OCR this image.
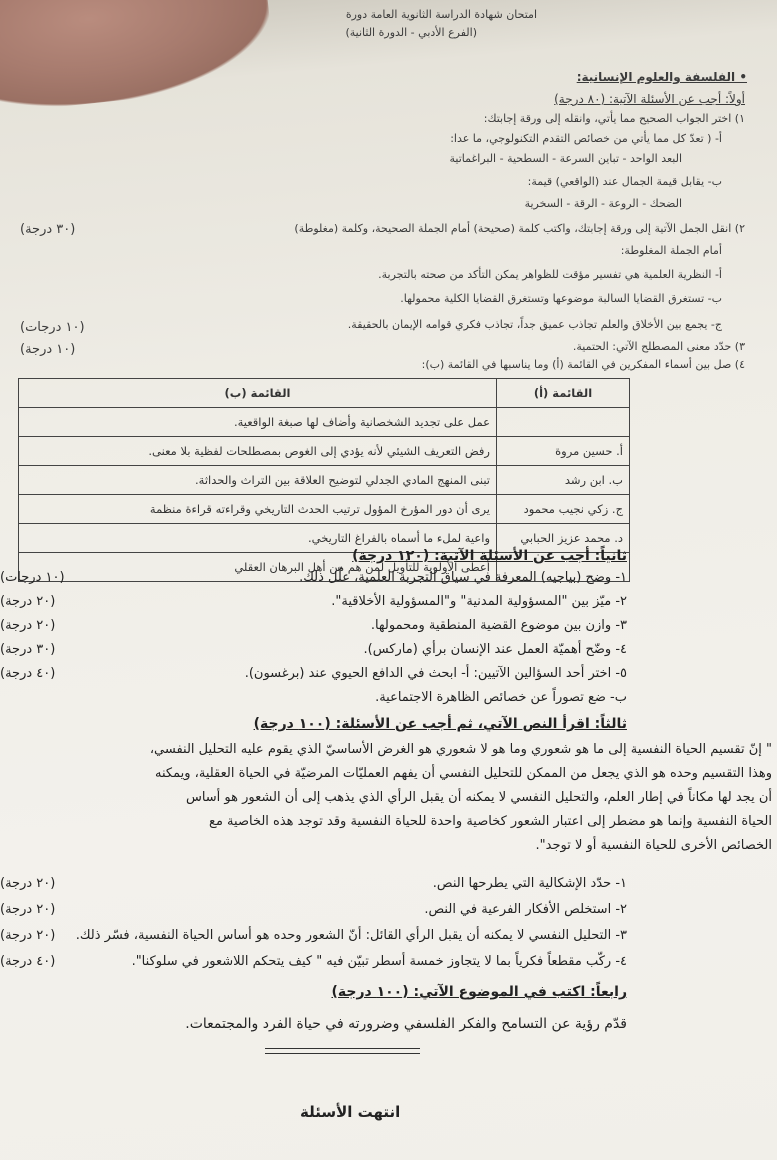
امتحان شهادة الدراسة الثانوية العامة دورة
(الفرع الأدبي - الدورة الثانية)
• الفلسفة والعلوم الإنسانية:
أولاً: أجب عن الأسئلة الآتية: (٨٠ درجة)
١) اختر الجواب الصحيح مما يأتي، وانقله إلى ورقة إجابتك:
أ- ( تعدّ كل مما يأتي من خصائص التقدم التكنولوجي، ما عدا:
البعد الواحد - تباين السرعة - السطحية - البراغماتية
ب- يقابل قيمة الجمال عند (الواقعي) قيمة:
الضحك - الروعة - الرقة - السخرية
٢) انقل الجمل الآتية إلى ورقة إجابتك، واكتب كلمة (صحيحة) أمام الجملة الصحيحة، وكلمة (مغلوطة)
(٣٠ درجة)
أمام الجملة المغلوطة:
أ- النظرية العلمية هي تفسير مؤقت للظواهر يمكن التأكد من صحته بالتجربة.
ب- تستغرق القضايا السالبة موضوعها وتستغرق القضايا الكلية محمولها.
ج- يجمع بين الأخلاق والعلم تجاذب عميق جداً، تجاذب فكري قوامه الإيمان بالحقيقة.
(١٠ درجات)
٣) حدّد معنى المصطلح الآتي: الحتمية.
(١٠ درجة)
٤) صل بين أسماء المفكرين في القائمة (أ) وما يناسبها في القائمة (ب):
القائمة (أ)	القائمة (ب)
	عمل على تجديد الشخصانية وأضاف لها صبغة الواقعية.
أ. حسين مروة	رفض التعريف الشيئي لأنه يؤدي إلى الغوص بمصطلحات لفظية بلا معنى.
ب. ابن رشد	تبنى المنهج المادي الجدلي لتوضيح العلاقة بين التراث والحداثة.
ج. زكي نجيب محمود	يرى أن دور المؤرخ المؤول ترتيب الحدث التاريخي وقراءته قراءة منظمة
د. محمد عزيز الحبابي	واعية لملء ما أسماه بالفراغ التاريخي.
	أعطى الأولوية للتأويل لمن هم من أهل البرهان العقلي
ثانياً: أجب عن الأسئلة الآتية: (١٢٠ درجة)
١- وضح (بياجيه) المعرفة في سياق التجربة العلمية، علّل ذلك.
(١٠ درجات)
٢- ميّز بين "المسؤولية المدنية" و"المسؤولية الأخلاقية".
(٢٠ درجة)
٣- وازن بين موضوع القضية المنطقية ومحمولها.
(٢٠ درجة)
٤- وضّح أهميّة العمل عند الإنسان برأي (ماركس).
(٣٠ درجة)
٥- اختر أحد السؤالين الآتيين: أ- ابحث في الدافع الحيوي عند (برغسون).
(٤٠ درجة)
ب- ضع تصوراً عن خصائص الظاهرة الاجتماعية.
ثالثاً: اقرأ النص الآتي، ثم أجب عن الأسئلة: (١٠٠ درجة)
" إنّ تقسيم الحياة النفسية إلى ما هو شعوري وما هو لا شعوري هو الغرض الأساسيّ الذي يقوم عليه التحليل النفسي،
وهذا التقسيم وحده هو الذي يجعل من الممكن للتحليل النفسي أن يفهم العمليّات المرضيّة في الحياة العقلية، ويمكنه
أن يجد لها مكاناً في إطار العلم، والتحليل النفسي لا يمكنه أن يقبل الرأي الذي يذهب إلى أن الشعور هو أساس
الحياة النفسية وإنما هو مضطر إلى اعتبار الشعور كخاصية واحدة للحياة النفسية وقد توجد هذه الخاصية مع
الخصائص الأخرى للحياة النفسية أو لا توجد".
١- حدّد الإشكالية التي يطرحها النص.
(٢٠ درجة)
٢- استخلص الأفكار الفرعية في النص.
(٢٠ درجة)
٣- التحليل النفسي لا يمكنه أن يقبل الرأي القائل: أنّ الشعور وحده هو أساس الحياة النفسية، فسّر ذلك.
(٢٠ درجة)
٤- ركّب مقطعاً فكرياً بما لا يتجاوز خمسة أسطر تبيّن فيه " كيف يتحكم اللاشعور في سلوكنا".
(٤٠ درجة)
رابعاً: اكتب في الموضوع الآتي: (١٠٠ درجة)
قدّم رؤية عن التسامح والفكر الفلسفي وضرورته في حياة الفرد والمجتمعات.
انتهت الأسئلة
